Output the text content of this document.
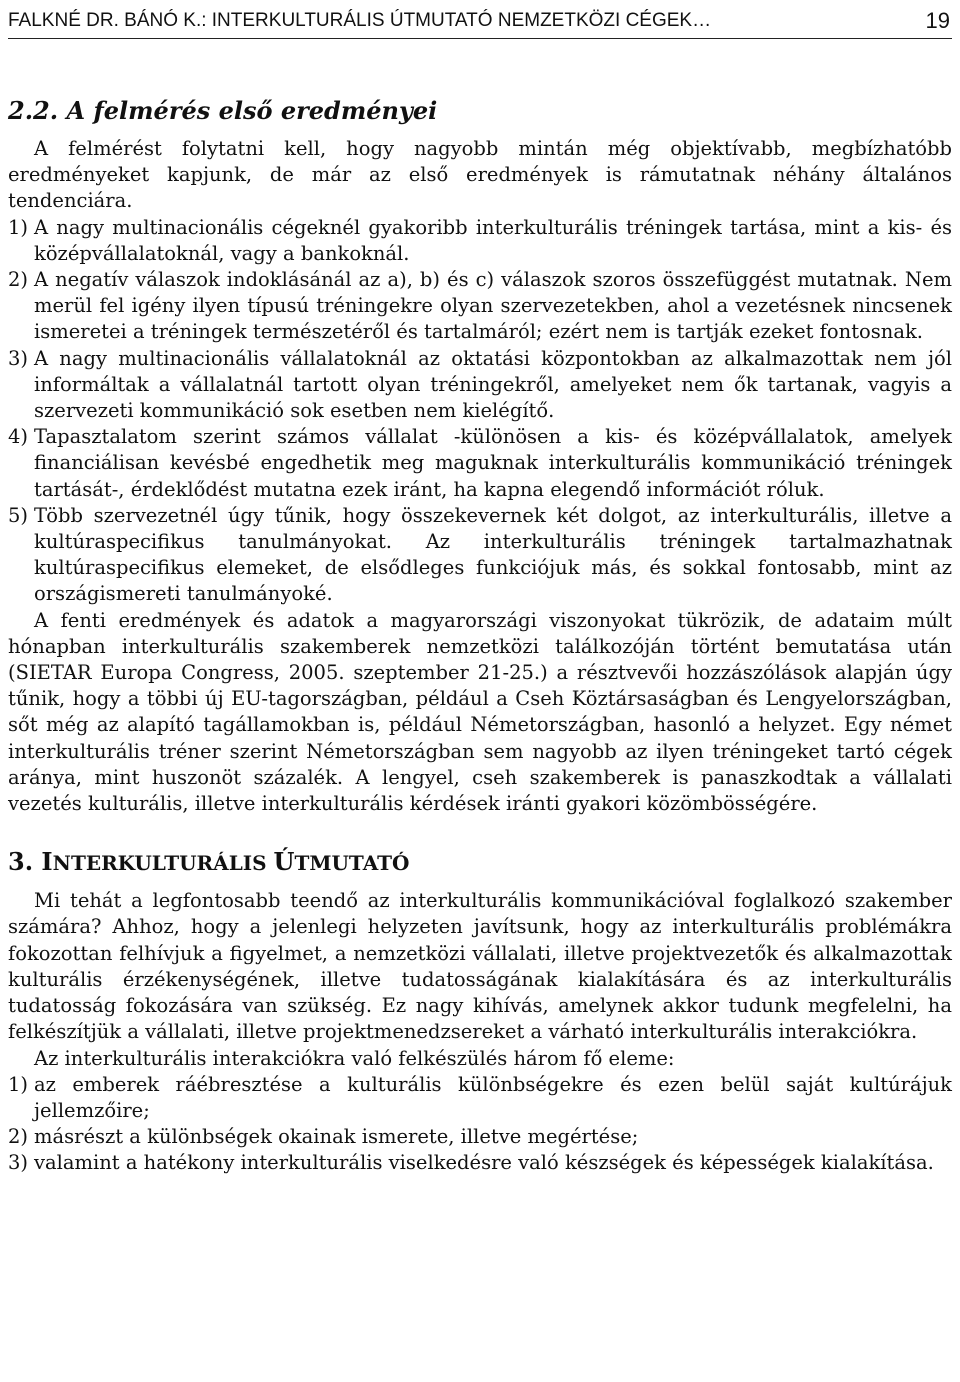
FALKNÉ DR. BÁNÓ K.: INTERKULTURÁLIS ÚTMUTATÓ NEMZETKÖZI CÉGEK…	19
2.2. A felmérés első eredményei

A felmérést folytatni kell, hogy nagyobb mintán még objektívabb, megbízhatóbb eredményeket kapjunk, de már az első eredmények is rámutatnak néhány általános tendenciára.

1) A nagy multinacionális cégeknél gyakoribb interkulturális tréningek tartása, mint a kis- és középvállalatoknál, vagy a bankoknál.
2) A negatív válaszok indoklásánál az a), b) és c) válaszok szoros összefüggést mutatnak. Nem merül fel igény ilyen típusú tréningekre olyan szervezetekben, ahol a vezetésnek nincsenek ismeretei a tréningek természetéről és tartalmáról; ezért nem is tartják ezeket fontosnak.
3) A nagy multinacionális vállalatoknál az oktatási központokban az alkalmazottak nem jól informáltak a vállalatnál tartott olyan tréningekről, amelyeket nem ők tartanak, vagyis a szervezeti kommunikáció sok esetben nem kielégítő.
4) Tapasztalatom szerint számos vállalat -különösen a kis- és középvállalatok, amelyek financiálisan kevésbé engedhetik meg maguknak interkulturális kommunikáció tréningek tartását-, érdeklődést mutatna ezek iránt, ha kapna elegendő információt róluk.
5) Több szervezetnél úgy tűnik, hogy összekevernek két dolgot, az interkulturális, illetve a kultúraspecifikus tanulmányokat. Az interkulturális tréningek tartalmazhatnak kultúraspecifikus elemeket, de elsődleges funkciójuk más, és sokkal fontosabb, mint az országismereti tanulmányoké.

A fenti eredmények és adatok a magyarországi viszonyokat tükrözik, de adataim múlt hónapban interkulturális szakemberek nemzetközi találkozóján történt bemutatása után (SIETAR Europa Congress, 2005. szeptember 21-25.) a résztvevői hozzászólások alapján úgy tűnik, hogy a többi új EU-tagországban, például a Cseh Köztársaságban és Lengyelországban, sőt még az alapító tagállamokban is, például Németországban, hasonló a helyzet. Egy német interkulturális tréner szerint Németországban sem nagyobb az ilyen tréningeket tartó cégek aránya, mint huszonöt százalék. A lengyel, cseh szakemberek is panaszkodtak a vállalati vezetés kulturális, illetve interkulturális kérdések iránti gyakori közömbösségére.

3. INTERKULTURÁLIS ÚTMUTATÓ

Mi tehát a legfontosabb teendő az interkulturális kommunikációval foglalkozó szakember számára? Ahhoz, hogy a jelenlegi helyzeten javítsunk, hogy az interkulturális problémákra fokozottan felhívjuk a figyelmet, a nemzetközi vállalati, illetve projektvezetők és alkalmazottak kulturális érzékenységének, illetve tudatosságának kialakítására és az interkulturális tudatosság fokozására van szükség. Ez nagy kihívás, amelynek akkor tudunk megfelelni, ha felkészítjük a vállalati, illetve projektmenedzsereket a várható interkulturális interakciókra.

Az interkulturális interakciókra való felkészülés három fő eleme:

1) az emberek ráébresztése a kulturális különbségekre és ezen belül saját kultúrájuk jellemzőire;
2) másrészt a különbségek okainak ismerete, illetve megértése;
3) valamint a hatékony interkulturális viselkedésre való készségek és képességek kialakítása.
